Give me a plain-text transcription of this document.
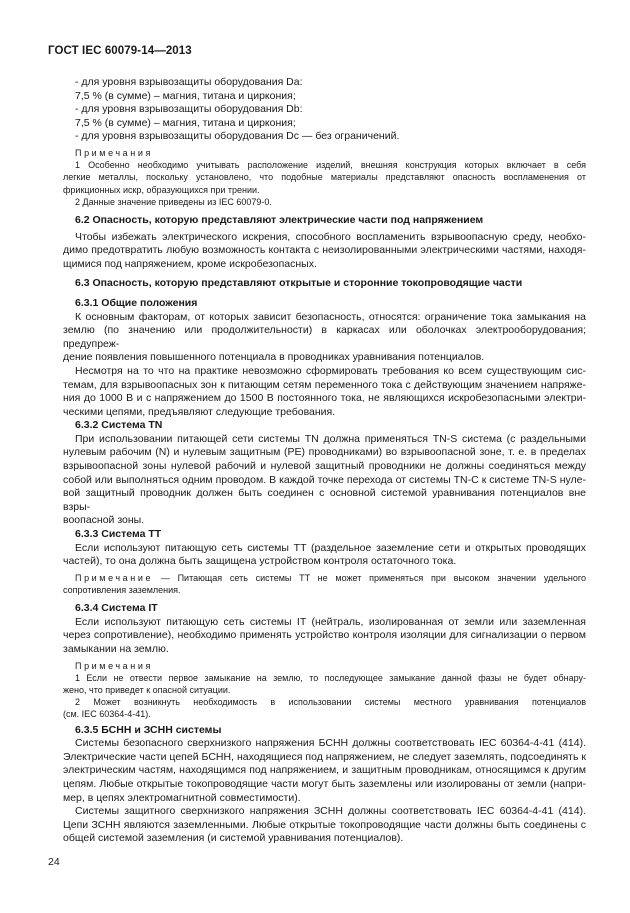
ГОСТ IEC 60079-14—2013
- для уровня взрывозащиты оборудования Da:
7,5 % (в сумме) – магния, титана и циркония;
- для уровня взрывозащиты оборудования Db:
7,5 % (в сумме) – магния, титана и циркония;
- для уровня взрывозащиты оборудования Dc — без ограничений.
Примечания
1 Особенно необходимо учитывать расположение изделий, внешняя конструкция которых включает в себя
легкие металлы, поскольку установлено, что подобные материалы представляют опасность воспламенения от
фрикционных искр, образующихся при трении.
2 Данные значение приведены из IEC 60079-0.
6.2 Опасность, которую представляют электрические части под напряжением
Чтобы избежать электрического искрения, способного воспламенить взрывоопасную среду, необхо-
димо предотвратить любую возможность контакта с неизолированными электрическими частями, находя-
щимися под напряжением, кроме искробезопасных.
6.3 Опасность, которую представляют открытые и сторонние токопроводящие части
6.3.1 Общие положения
К основным факторам, от которых зависит безопасность, относятся: ограничение тока замыкания на
землю (по значению или продолжительности) в каркасах или оболочках электрооборудования; предупреж-
дение появления повышенного потенциала в проводниках уравнивания потенциалов.
Несмотря на то что на практике невозможно сформировать требования ко всем существующим сис-
темам, для взрывоопасных зон к питающим сетям переменного тока с действующим значением напряже-
ния до 1000 В и с напряжением до 1500 В постоянного тока, не являющихся искробезопасными электри-
ческими цепями, предъявляют следующие требования.
6.3.2 Система TN
При использовании питающей сети системы TN должна применяться TN-S система (с раздельными
нулевым рабочим (N) и нулевым защитным (PE) проводниками) во взрывоопасной зоне, т. е. в пределах
взрывоопасной зоны нулевой рабочий и нулевой защитный проводники не должны соединяться между
собой или выполняться одним проводом. В каждой точке перехода от системы TN-C к системе TN-S нуле-
вой защитный проводник должен быть соединен с основной системой уравнивания потенциалов вне взры-
воопасной зоны.
6.3.3 Система TT
Если используют питающую сеть системы TT (раздельное заземление сети и открытых проводящих
частей), то она должна быть защищена устройством контроля остаточного тока.
Примечание — Питающая сеть системы TT не может применяться при высоком значении удельного
сопротивления заземления.
6.3.4 Система IT
Если используют питающую сеть системы IT (нейтраль, изолированная от земли или заземленная
через сопротивление), необходимо применять устройство контроля изоляции для сигнализации о первом
замыкании на землю.
Примечания
1 Если не отвести первое замыкание на землю, то последующее замыкание данной фазы не будет обнару-
жено, что приведет к опасной ситуации.
2 Может возникнуть необходимость в использовании системы местного уравнивания потенциалов
(см. IEC 60364-4-41).
6.3.5 БСНН и ЗСНН системы
Системы безопасного сверхнизкого напряжения БСНН должны соответствовать IEC 60364-4-41 (414).
Электрические части цепей БСНН, находящиеся под напряжением, не следует заземлять, подсоединять к
электрическим частям, находящимся под напряжением, и защитным проводникам, относящимся к другим
цепям. Любые открытые токопроводящие части могут быть заземлены или изолированы от земли (напри-
мер, в цепях электромагнитной совместимости).
Системы защитного сверхнизкого напряжения ЗСНН должны соответствовать IEC 60364-4-41 (414).
Цепи ЗСНН являются заземленными. Любые открытые токопроводящие части должны быть соединены с
общей системой заземления (и системой уравнивания потенциалов).
24
